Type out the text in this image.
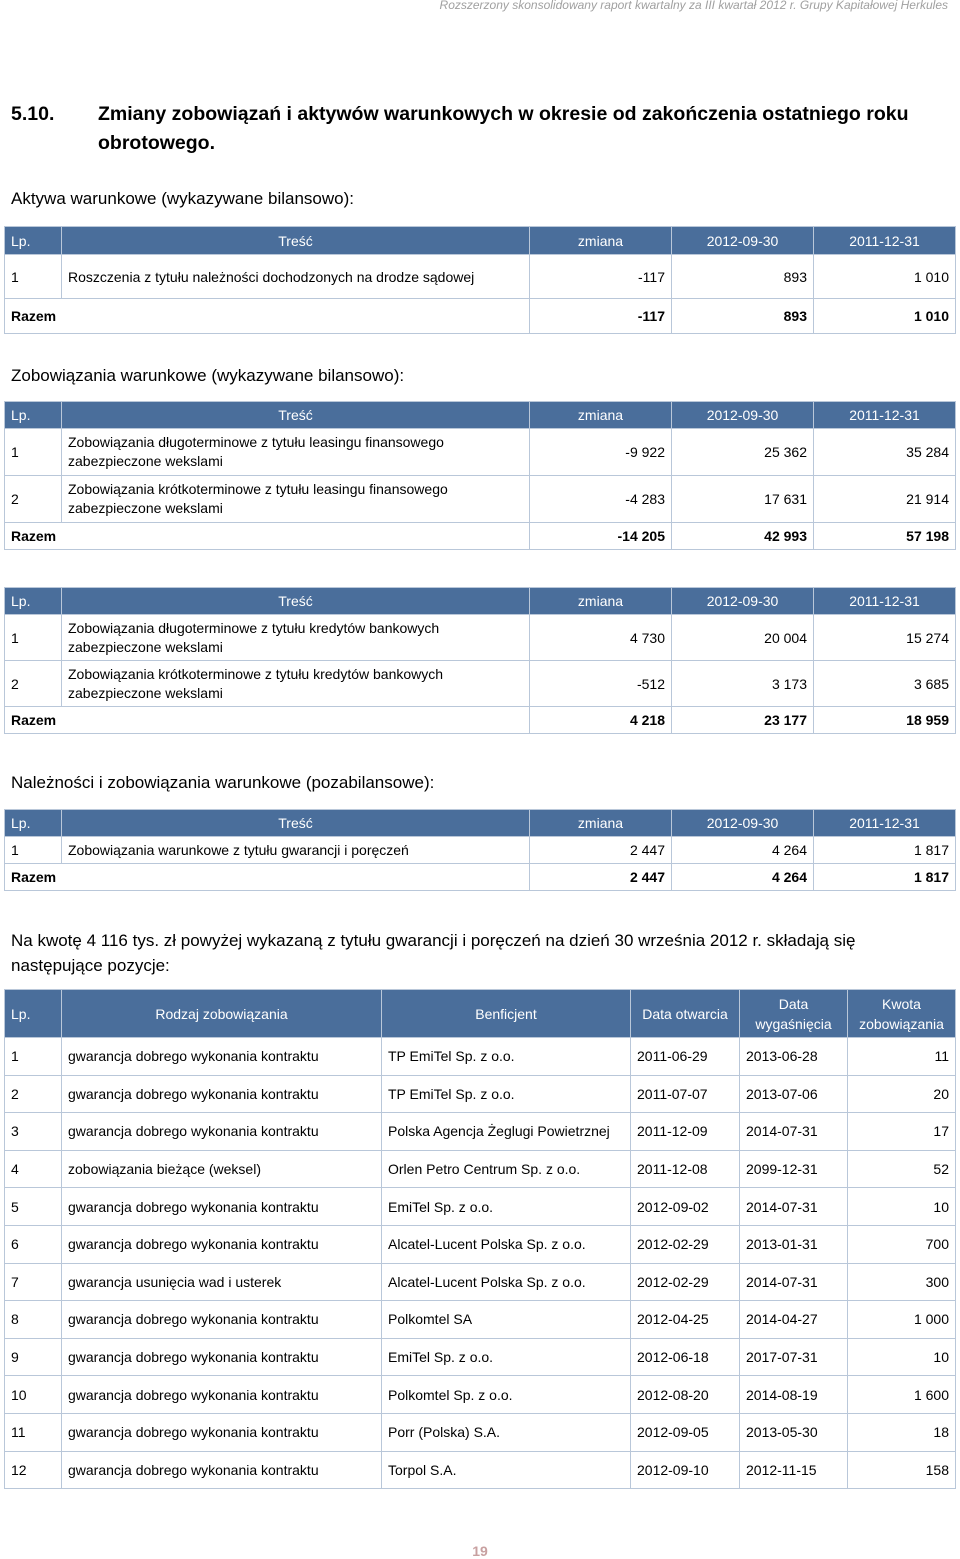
Rozszerzony skonsolidowany raport kwartalny za III kwartał 2012 r. Grupy Kapitałowej Herkules
5.10. Zmiany zobowiązań i aktywów warunkowych w okresie od zakończenia ostatniego roku obrotowego.
Aktywa warunkowe (wykazywane bilansowo):
Lp.	Treść	zmiana	2012-09-30	2011-12-31
1	Roszczenia z tytułu należności dochodzonych na drodze sądowej	-117	893	1 010
Razem		-117	893	1 010
Zobowiązania warunkowe (wykazywane bilansowo):
Lp.	Treść	zmiana	2012-09-30	2011-12-31
1	Zobowiązania długoterminowe z tytułu leasingu finansowego zabezpieczone wekslami	-9 922	25 362	35 284
2	Zobowiązania krótkoterminowe z tytułu leasingu finansowego zabezpieczone wekslami	-4 283	17 631	21 914
Razem		-14 205	42 993	57 198
Lp.	Treść	zmiana	2012-09-30	2011-12-31
1	Zobowiązania długoterminowe z tytułu kredytów bankowych zabezpieczone wekslami	4 730	20 004	15 274
2	Zobowiązania krótkoterminowe z tytułu kredytów bankowych zabezpieczone wekslami	-512	3 173	3 685
Razem		4 218	23 177	18 959
Należności i zobowiązania warunkowe (pozabilansowe):
Lp.	Treść	zmiana	2012-09-30	2011-12-31
1	Zobowiązania warunkowe z tytułu gwarancji i poręczeń	2 447	4 264	1 817
Razem		2 447	4 264	1 817
Na kwotę 4 116 tys. zł powyżej wykazaną z tytułu gwarancji i poręczeń na dzień 30 września 2012 r. składają się następujące pozycje:
Lp.	Rodzaj zobowiązania	Benficjent	Data otwarcia	Data wygaśnięcia	Kwota zobowiązania
1	gwarancja dobrego wykonania kontraktu	TP EmiTel Sp. z o.o.	2011-06-29	2013-06-28	11
2	gwarancja dobrego wykonania kontraktu	TP EmiTel Sp. z o.o.	2011-07-07	2013-07-06	20
3	gwarancja dobrego wykonania kontraktu	Polska Agencja Żeglugi Powietrznej	2011-12-09	2014-07-31	17
4	zobowiązania bieżące (weksel)	Orlen Petro Centrum Sp. z o.o.	2011-12-08	2099-12-31	52
5	gwarancja dobrego wykonania kontraktu	EmiTel Sp. z o.o.	2012-09-02	2014-07-31	10
6	gwarancja dobrego wykonania kontraktu	Alcatel-Lucent Polska Sp. z o.o.	2012-02-29	2013-01-31	700
7	gwarancja usunięcia wad i usterek	Alcatel-Lucent Polska Sp. z o.o.	2012-02-29	2014-07-31	300
8	gwarancja dobrego wykonania kontraktu	Polkomtel SA	2012-04-25	2014-04-27	1 000
9	gwarancja dobrego wykonania kontraktu	EmiTel Sp. z o.o.	2012-06-18	2017-07-31	10
10	gwarancja dobrego wykonania kontraktu	Polkomtel Sp. z o.o.	2012-08-20	2014-08-19	1 600
11	gwarancja dobrego wykonania kontraktu	Porr (Polska) S.A.	2012-09-05	2013-05-30	18
12	gwarancja dobrego wykonania kontraktu	Torpol S.A.	2012-09-10	2012-11-15	158
19
